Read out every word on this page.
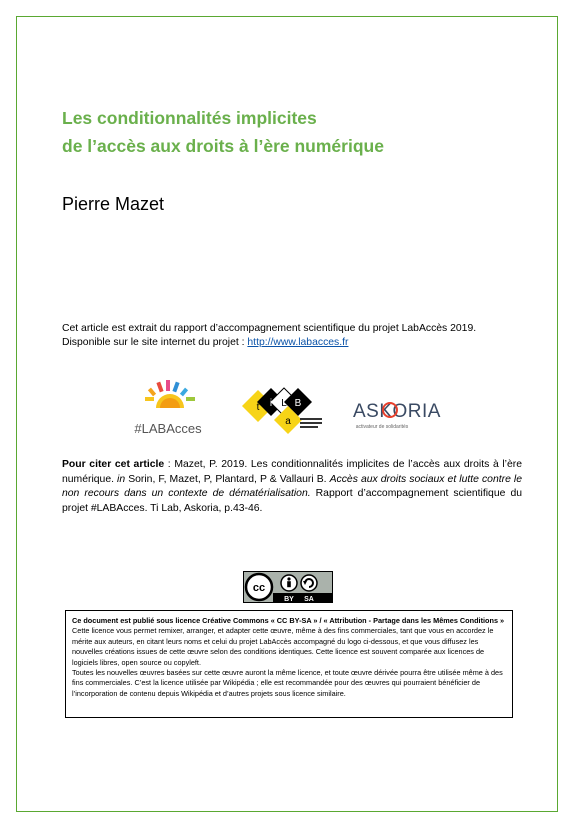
Les conditionnalités implicites
de l’accès aux droits à l’ère numérique
Pierre Mazet
Cet article est extrait du rapport d’accompagnement scientifique du projet LabAccès 2019.
Disponible sur le site internet du projet : http://www.labacces.fr
#LABAcces
t i L
a
B	ASKORIA
activateur de solidarités
Pour citer cet article : Mazet, P. 2019. Les conditionnalités implicites de l’accès aux droits à l’ère numérique. in Sorin, F, Mazet, P, Plantard, P & Vallauri B. Accès aux droits sociaux et lutte contre le non recours dans un contexte de dématérialisation. Rapport d’accompagnement scientifique du projet #LABAcces. Ti Lab, Askoria, p.43-46.
cc
BY SA
Ce document est publié sous licence Créative Commons « CC BY-SA » / « Attribution - Partage dans les Mêmes Conditions »
Cette licence vous permet remixer, arranger, et adapter cette œuvre, même à des fins commerciales, tant que vous en accordez le mérite aux auteurs, en citant leurs noms et celui du projet LabAccès accompagné du logo ci-dessous, et que vous diffusez les nouvelles créations issues de cette œuvre selon des conditions identiques. Cette licence est souvent comparée aux licences de logiciels libres, open source ou copyleft.
Toutes les nouvelles œuvres basées sur cette œuvre auront la même licence, et toute œuvre dérivée pourra être utilisée même à des fins commerciales. C’est la licence utilisée par Wikipédia ; elle est recommandée pour des œuvres qui pourraient bénéficier de l’incorporation de contenu depuis Wikipédia et d’autres projets sous licence similaire.
